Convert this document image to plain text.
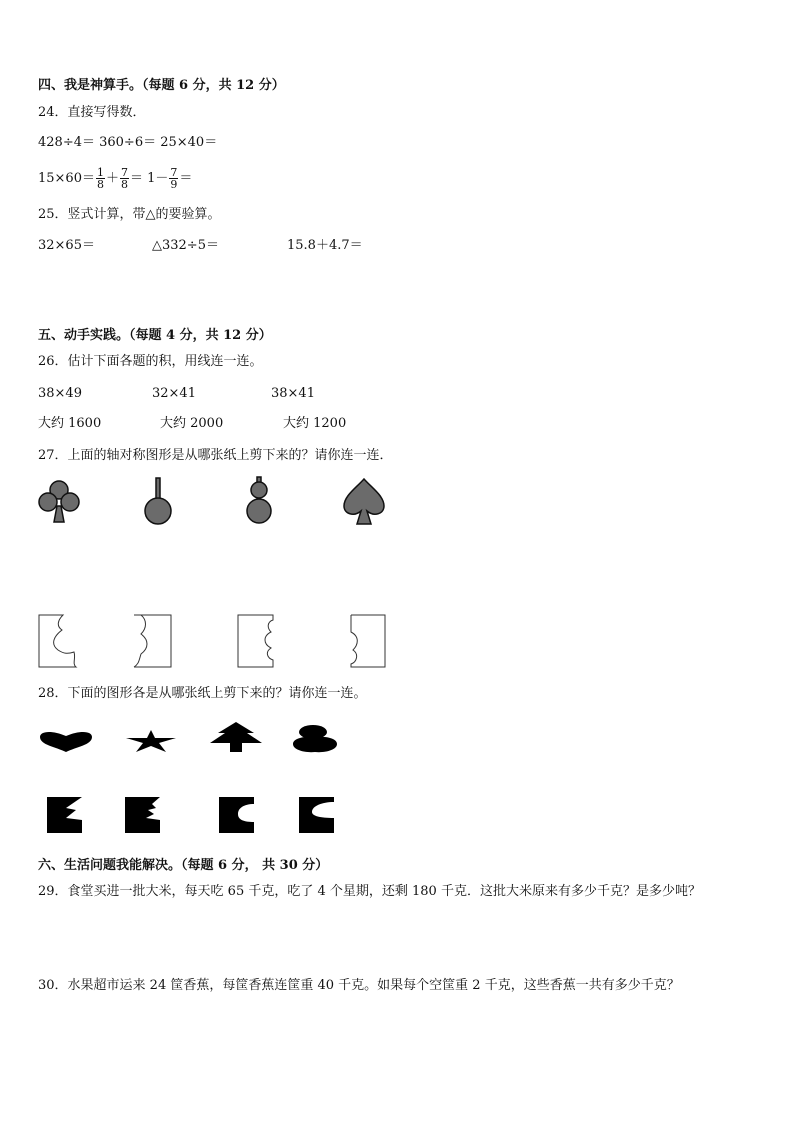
四、我是神算手。（每题 6 分，共 12 分）
24．直接写得数．
428÷4＝ 360÷6＝ 25×40＝
$15\times 60= \frac{1}{8} + \frac{7}{8} = 1- \frac{7}{9}$ ＝
25．竖式计算，带△的要验算。
32×65＝	△332÷5＝	15.8＋4.7＝
五、动手实践。（每题 4 分，共 12 分）
26．估计下面各题的积，用线连一连。
38×49	32×41	38×41
大约 1600	大约 2000	大约 1200
27．上面的轴对称图形是从哪张纸上剪下来的？请你连一连．
28．下面的图形各是从哪张纸上剪下来的？请你连一连。
六、生活问题我能解决。（每题 6 分， 共 30 分）
29．食堂买进一批大米，每天吃 65 千克，吃了 4 个星期，还剩 180 千克．这批大米原来有多少千克？是多少吨？
30．水果超市运来 24 筐香蕉，每筐香蕉连筐重 40 千克。如果每个空筐重 2 千克，这些香蕉一共有多少千克？
